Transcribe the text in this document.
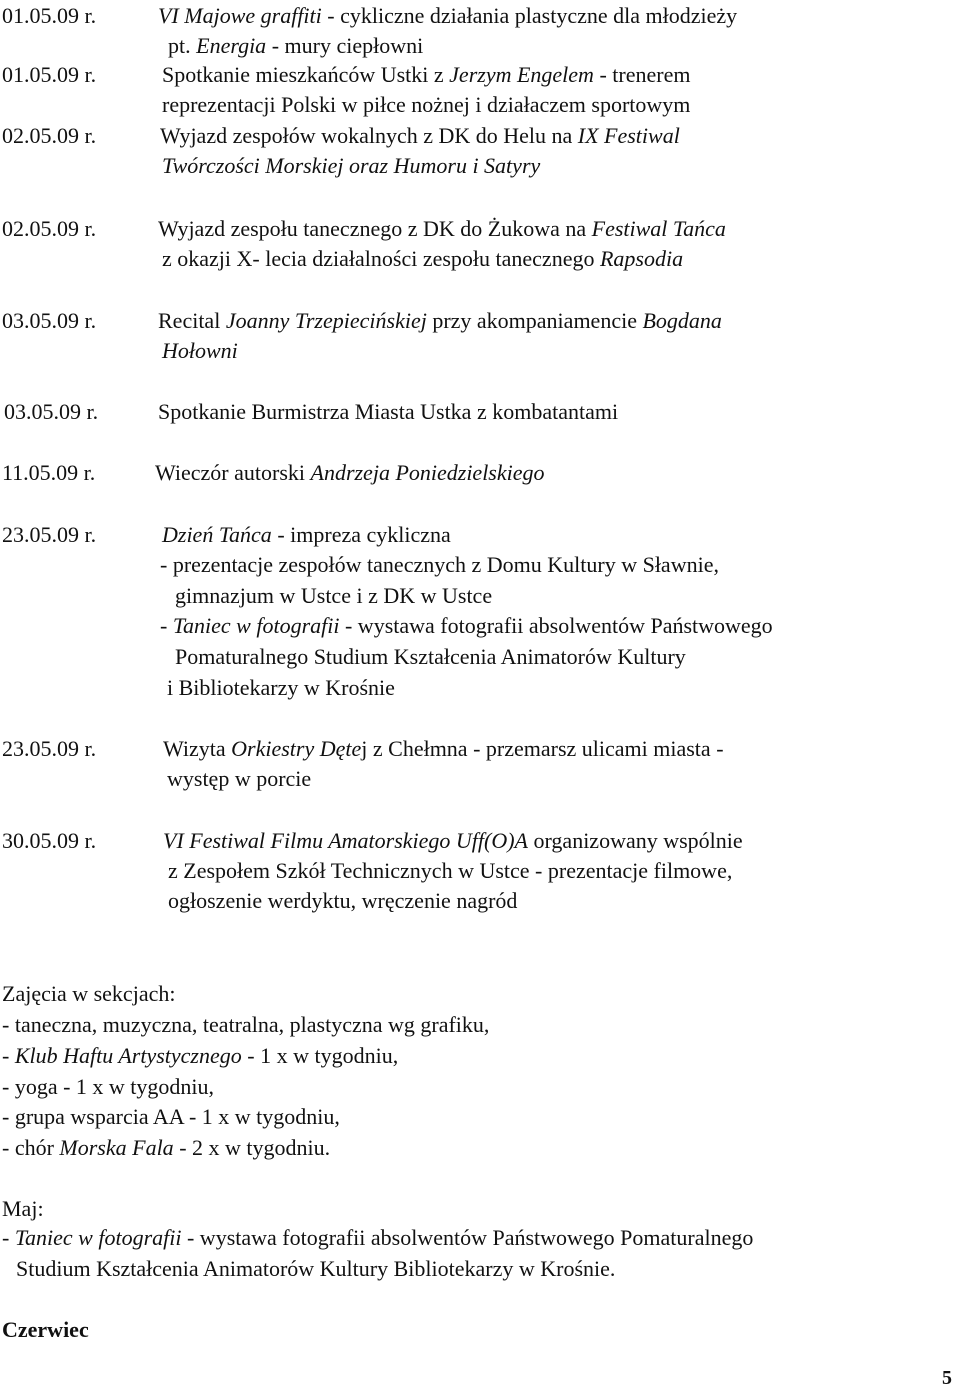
01.05.09 r.	VI Majowe graffiti - cykliczne działania plastyczne dla młodzieży
pt. Energia - mury ciepłowni
01.05.09 r.	Spotkanie mieszkańców Ustki z Jerzym Engelem - trenerem
reprezentacji Polski w piłce nożnej i działaczem sportowym
02.05.09 r.	Wyjazd zespołów wokalnych z DK do Helu na IX Festiwal
Twórczości Morskiej oraz Humoru i Satyry
02.05.09 r.	Wyjazd zespołu tanecznego z DK do Żukowa na Festiwal Tańca
z okazji X- lecia działalności zespołu tanecznego Rapsodia
03.05.09 r.	Recital Joanny Trzepiecińskiej przy akompaniamencie Bogdana
Hołowni
03.05.09 r.	Spotkanie Burmistrza Miasta Ustka z kombatantami
11.05.09 r.	Wieczór autorski Andrzeja Poniedzielskiego
23.05.09 r.	Dzień Tańca - impreza cykliczna
- prezentacje zespołów tanecznych z Domu Kultury w Sławnie,
gimnazjum w Ustce i z DK w Ustce
- Taniec w fotografii - wystawa fotografii absolwentów Państwowego
Pomaturalnego Studium Kształcenia Animatorów Kultury
i Bibliotekarzy w Krośnie
23.05.09 r.	Wizyta Orkiestry Dętej z Chełmna - przemarsz ulicami miasta -
występ w porcie
30.05.09 r.	VI Festiwal Filmu Amatorskiego Uff(O)A organizowany wspólnie
z Zespołem Szkół Technicznych w Ustce - prezentacje filmowe,
ogłoszenie werdyktu, wręczenie nagród
Zajęcia w sekcjach:
- taneczna, muzyczna, teatralna, plastyczna wg grafiku,
- Klub Haftu Artystycznego - 1 x w tygodniu,
- yoga - 1 x w tygodniu,
- grupa wsparcia AA - 1 x w tygodniu,
- chór Morska Fala - 2 x w tygodniu.
Maj:
- Taniec w fotografii - wystawa fotografii absolwentów Państwowego Pomaturalnego
Studium Kształcenia Animatorów Kultury Bibliotekarzy w Krośnie.
Czerwiec
5
